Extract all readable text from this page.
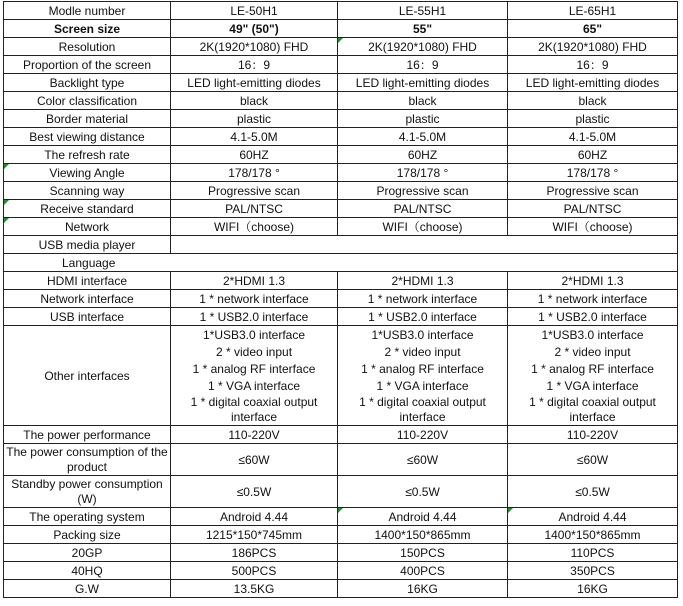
Modle number	LE-50H1	LE-55H1	LE-65H1
Screen size	49" (50")	55"	65"
Resolution	2K(1920*1080) FHD	2K(1920*1080) FHD	2K(1920*1080) FHD
Proportion of the screen	16：9	16：9	16：9
Backlight type	LED light-emitting diodes	LED light-emitting diodes	LED light-emitting diodes
Color classification	black	black	black
Border material	plastic	plastic	plastic
Best viewing distance	4.1-5.0M	4.1-5.0M	4.1-5.0M
The refresh rate	60HZ	60HZ	60HZ
Viewing Angle	178/178 °	178/178 °	178/178 °
Scanning way	Progressive scan	Progressive scan	Progressive scan
Receive standard	PAL/NTSC	PAL/NTSC	PAL/NTSC
Network	WIFI（choose)	WIFI（choose)	WIFI（choose)
USB media player			
Language			
HDMI interface	2*HDMI 1.3	2*HDMI 1.3	2*HDMI 1.3
Network interface	1 * network interface	1 * network interface	1 * network interface
USB interface	1 * USB2.0 interface	1 * USB2.0 interface	1 * USB2.0 interface
Other interfaces	1*USB3.0 interface	1*USB3.0 interface	1*USB3.0 interface
	2 * video input	2 * video input	2 * video input
	1 * analog RF interface	1 * analog RF interface	1 * analog RF interface
	1 * VGA interface	1 * VGA interface	1 * VGA interface
	1 * digital coaxial output interface	1 * digital coaxial output interface	1 * digital coaxial output interface
The power performance	110-220V	110-220V	110-220V
The power consumption of the product	≤60W	≤60W	≤60W
Standby power consumption (W)	≤0.5W	≤0.5W	≤0.5W
The operating system	Android 4.44	Android 4.44	Android 4.44
Packing size	1215*150*745mm	1400*150*865mm	1400*150*865mm
20GP	186PCS	150PCS	110PCS
40HQ	500PCS	400PCS	350PCS
G.W	13.5KG	16KG	16KG
